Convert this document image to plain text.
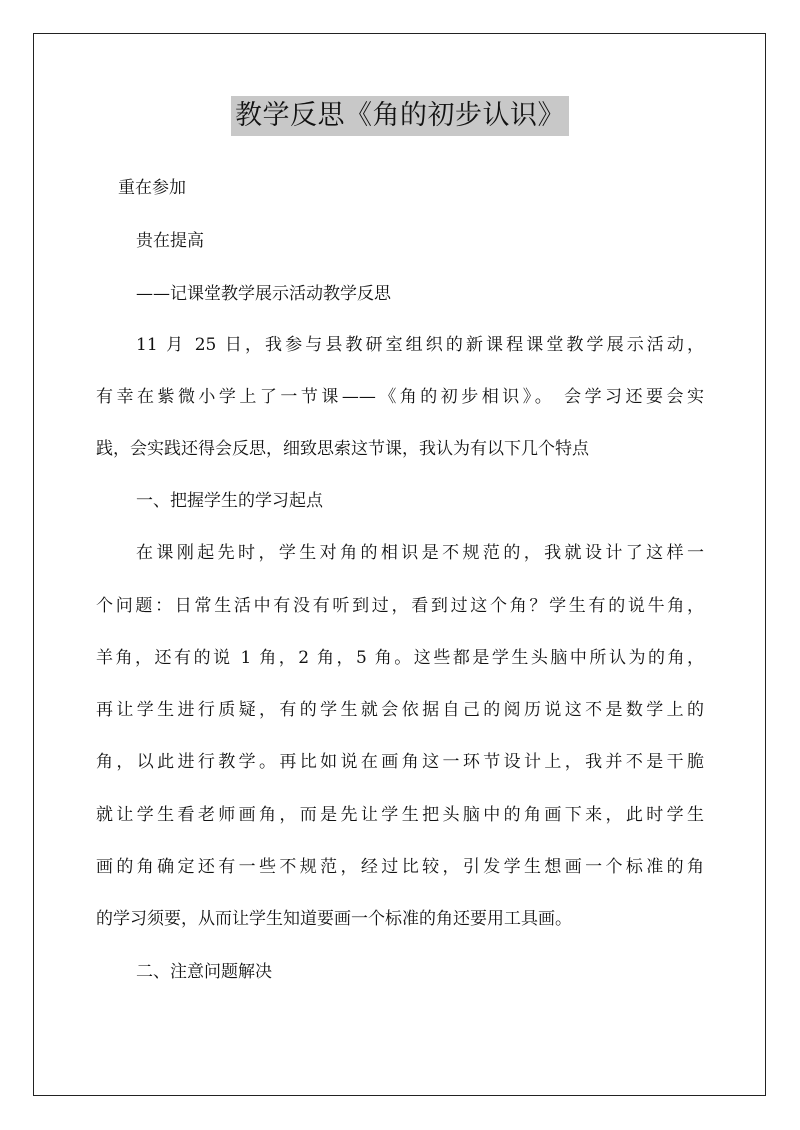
教学反思《角的初步认识》
重在参加
贵在提高
——记课堂教学展示活动教学反思
11 月 25 日，我参与县教研室组织的新课程课堂教学展示活动，
有幸在紫微小学上了一节课——《角的初步相识》。 会学习还要会实
践，会实践还得会反思，细致思索这节课，我认为有以下几个特点
一、把握学生的学习起点
在课刚起先时，学生对角的相识是不规范的，我就设计了这样一
个问题：日常生活中有没有听到过，看到过这个角？学生有的说牛角，
羊角，还有的说 1 角，2 角，5 角。这些都是学生头脑中所认为的角，
再让学生进行质疑，有的学生就会依据自己的阅历说这不是数学上的
角，以此进行教学。再比如说在画角这一环节设计上，我并不是干脆
就让学生看老师画角，而是先让学生把头脑中的角画下来，此时学生
画的角确定还有一些不规范，经过比较，引发学生想画一个标准的角
的学习须要，从而让学生知道要画一个标准的角还要用工具画。
二、注意问题解决
